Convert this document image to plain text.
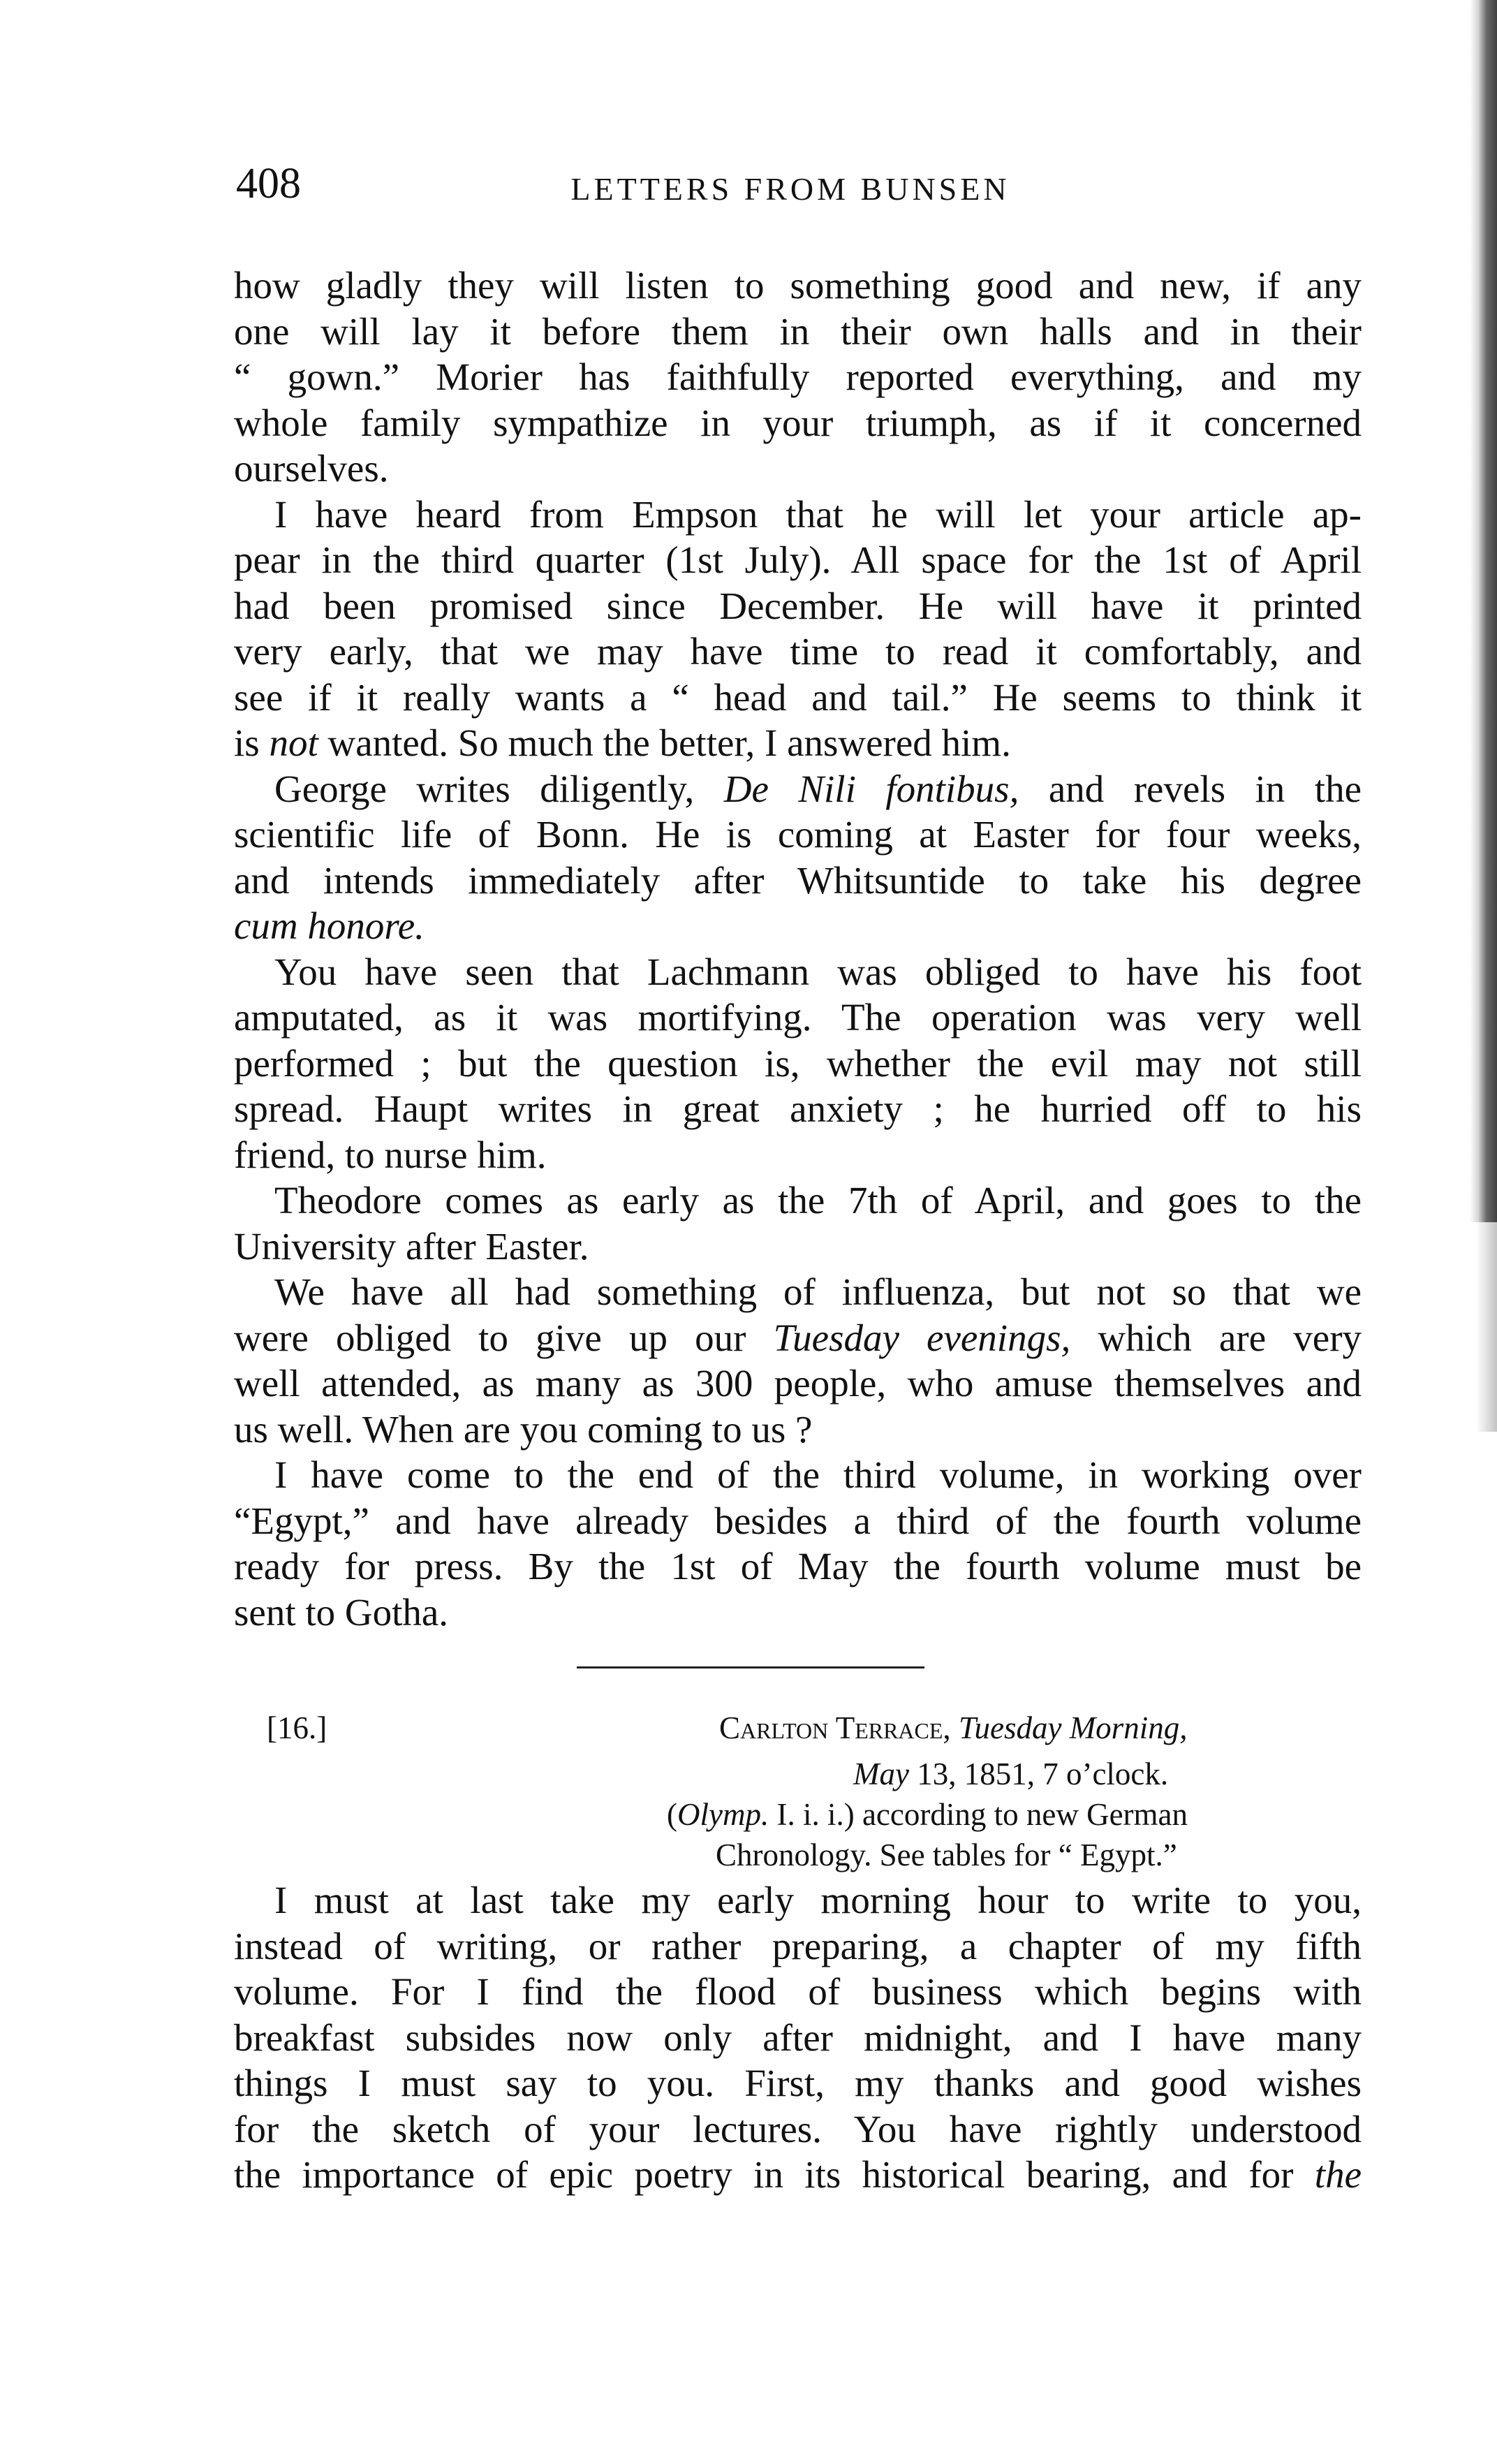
408	LETTERS FROM BUNSEN
how gladly they will listen to something good and new, if any
one will lay it before them in their own halls and in their
“ gown.” Morier has faithfully reported everything, and my
whole family sympathize in your triumph, as if it concerned
ourselves.
I have heard from Empson that he will let your article ap-
pear in the third quarter (1st July). All space for the 1st of April
had been promised since December. He will have it printed
very early, that we may have time to read it comfortably, and
see if it really wants a “ head and tail.” He seems to think it
is not wanted. So much the better, I answered him.
George writes diligently, De Nili fontibus, and revels in the
scientific life of Bonn. He is coming at Easter for four weeks,
and intends immediately after Whitsuntide to take his degree
cum honore.
You have seen that Lachmann was obliged to have his foot
amputated, as it was mortifying. The operation was very well
performed ; but the question is, whether the evil may not still
spread. Haupt writes in great anxiety ; he hurried off to his
friend, to nurse him.
Theodore comes as early as the 7th of April, and goes to the
University after Easter.
We have all had something of influenza, but not so that we
were obliged to give up our Tuesday evenings, which are very
well attended, as many as 300 people, who amuse themselves and
us well. When are you coming to us ?
I have come to the end of the third volume, in working over
“Egypt,” and have already besides a third of the fourth volume
ready for press. By the 1st of May the fourth volume must be
sent to Gotha.
[16.]	Carlton Terrace, Tuesday Morning,
May 13, 1851, 7 o’clock.
(Olymp. I. i. i.) according to new German
Chronology. See tables for “ Egypt.”
I must at last take my early morning hour to write to you,
instead of writing, or rather preparing, a chapter of my fifth
volume. For I find the flood of business which begins with
breakfast subsides now only after midnight, and I have many
things I must say to you. First, my thanks and good wishes
for the sketch of your lectures. You have rightly understood
the importance of epic poetry in its historical bearing, and for the
